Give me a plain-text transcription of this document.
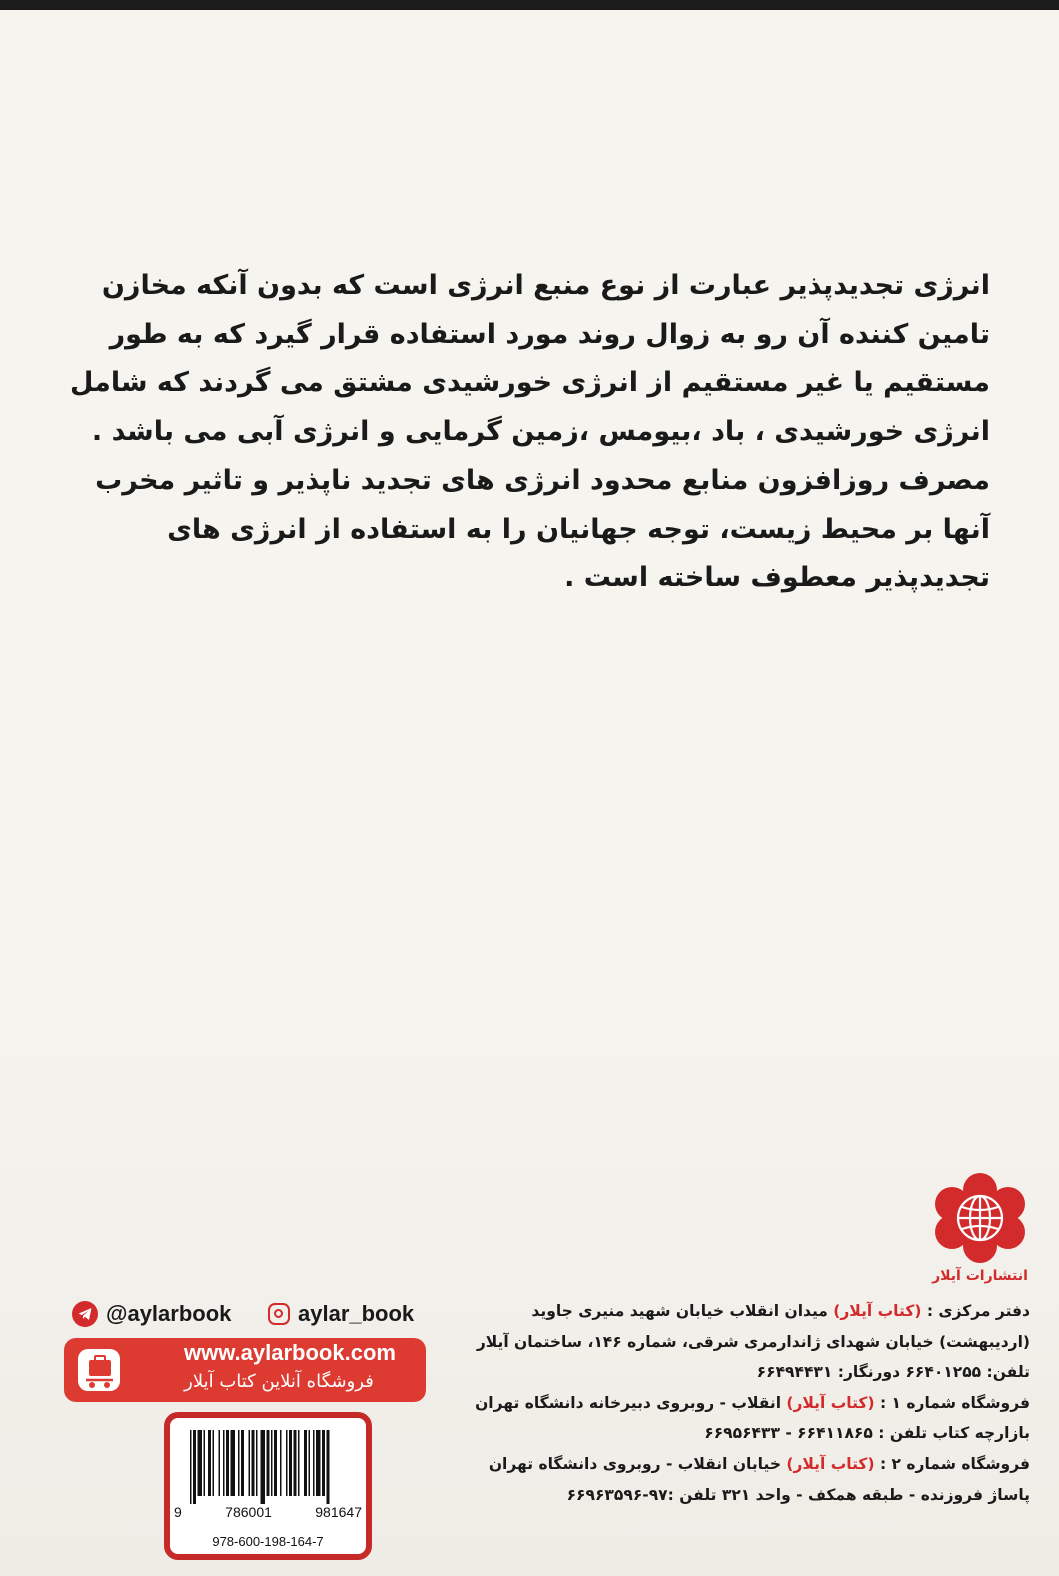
انرژی تجدیدپذیر عبارت از نوع منبع انرژی است که بدون آنکه مخازن
تامین کننده آن رو به زوال روند مورد استفاده قرار گیرد که به طور
مستقیم یا غیر مستقیم از انرژی خورشیدی مشتق می گردند که شامل
انرژی خورشیدی ، باد ،بیومس ،زمین گرمایی و انرژی آبی می باشد .
مصرف روزافزون منابع محدود انرژی های تجدید ناپذیر و تاثیر مخرب
آنها بر محیط زیست، توجه جهانیان را به استفاده از انرژی های
تجدیدپذیر معطوف ساخته است .
انتشارات آیلار
aylar_book
@aylarbook
www.aylarbook.com
فروشگاه آنلاین کتاب آیلار
9	786001	981647
978-600-198-164-7
دفتر مرکزی : (کتاب آیلار) میدان انقلاب خیابان شهید منیری جاوید
(اردیبهشت) خیابان شهدای ژاندارمری شرقی، شماره ۱۴۶، ساختمان آیلار
تلفن: ۶۶۴۰۱۲۵۵ دورنگار: ۶۶۴۹۴۴۳۱
فروشگاه شماره ۱ : (کتاب آیلار) انقلاب - روبروی دبیرخانه دانشگاه تهران
بازارچه کتاب تلفن : ۶۶۴۱۱۸۶۵ - ۶۶۹۵۶۴۳۳
فروشگاه شماره ۲ : (کتاب آیلار) خیابان انقلاب - روبروی دانشگاه تهران
پاساژ فروزنده - طبقه همکف - واحد ۳۲۱ تلفن :۹۷-۶۶۹۶۳۵۹۶
